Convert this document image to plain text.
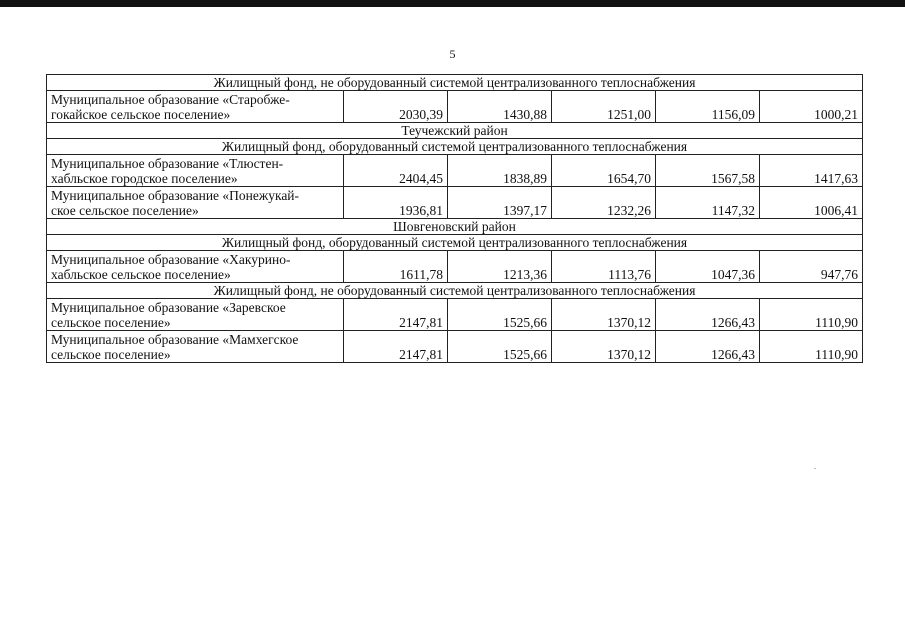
5
Жилищный фонд, не оборудованный системой централизованного теплоснабжения					

Муниципальное образование «Старобже-
гокайское сельское поселение»	2030,39	1430,88	1251,00	1156,09	1000,21
Теучежский район					
Жилищный фонд, оборудованный системой централизованного теплоснабжения					

Муниципальное образование «Тлюстен-
хабльское городское поселение»	2404,45	1838,89	1654,70	1567,58	1417,63

Муниципальное образование «Понежукай-
ское сельское поселение»	1936,81	1397,17	1232,26	1147,32	1006,41
Шовгеновский район					
Жилищный фонд, оборудованный системой централизованного теплоснабжения					

Муниципальное образование «Хакурино-
хабльское сельское поселение»	1611,78	1213,36	1113,76	1047,36	947,76
Жилищный фонд, не оборудованный системой централизованного теплоснабжения					

Муниципальное образование «Заревское
сельское поселение»	2147,81	1525,66	1370,12	1266,43	1110,90

Муниципальное образование «Мамхегское
сельское поселение»	2147,81	1525,66	1370,12	1266,43	1110,90
